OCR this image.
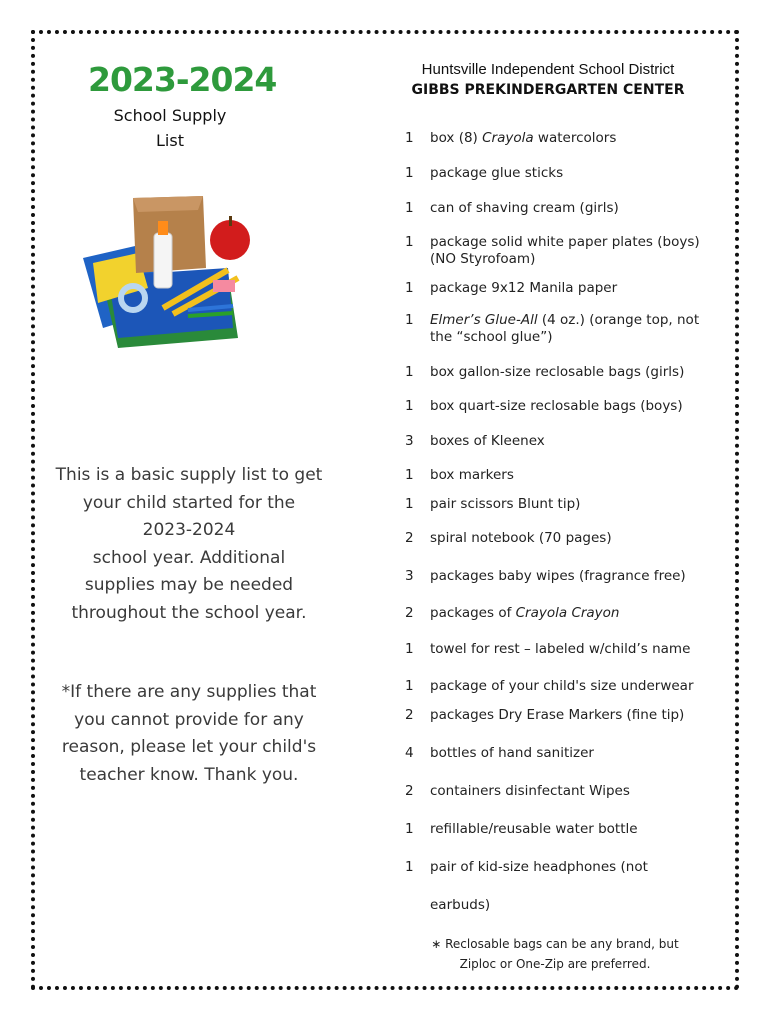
2023-2024
School Supply
List
This is a basic supply list to get
your child started for the
2023-2024
school year. Additional
supplies may be needed
throughout the school year.
*If there are any supplies that
you cannot provide for any
reason, please let your child's
teacher know. Thank you.
Huntsville Independent School District
GIBBS PREKINDERGARTEN CENTER
1	box (8) Crayola watercolors
1	package glue sticks
1	can of shaving cream (girls)
1	package solid white paper plates (boys) (NO Styrofoam)
1	package 9x12 Manila paper
1	Elmer’s Glue-All (4 oz.) (orange top, not the “school glue”)
1	box gallon-size reclosable bags (girls)
1	box quart-size reclosable bags (boys)
3	boxes of Kleenex
1	box markers
1	pair scissors Blunt tip)
2	spiral notebook (70 pages)
3	packages baby wipes (fragrance free)
2	packages of Crayola Crayon
1	towel for rest – labeled w/child’s name
1	package of your child's size underwear
2	packages Dry Erase Markers (fine tip)
4	bottles of hand sanitizer
2	containers disinfectant Wipes
1	refillable/reusable water bottle
1	pair of kid-size headphones (not
earbuds)
∗ Reclosable bags can be any brand, but
Ziploc or One-Zip are preferred.
